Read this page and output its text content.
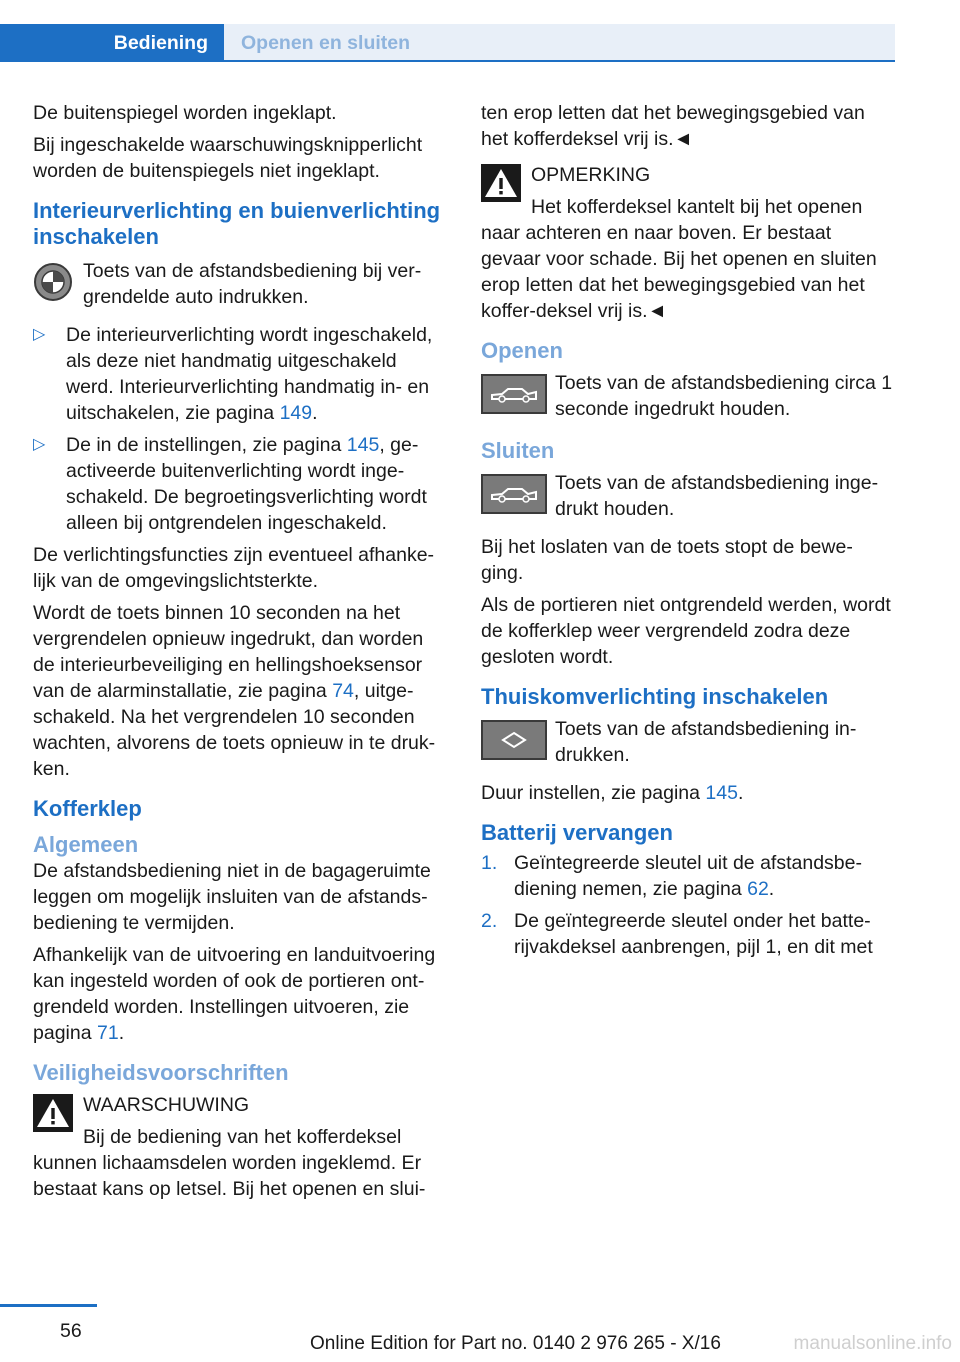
Bediening Openen en sluiten

De buitenspiegel worden ingeklapt.

Bij ingeschakelde waarschuwingsknipperlicht worden de buitenspiegels niet ingeklapt.

Interieurverlichting en buienverlichting inschakelen

Toets van de afstandsbediening bij ver-grendelde auto indrukken.

▷ De interieurverlichting wordt ingeschakeld, als deze niet handmatig uitgeschakeld werd. Interieurverlichting handmatig in- en uitschakelen, zie pagina 149.
▷ De in de instellingen, zie pagina 145, ge-activeerde buitenverlichting wordt inge-schakeld. De begroetingsverlichting wordt alleen bij ontgrendelen ingeschakeld.

De verlichtingsfuncties zijn eventueel afhanke-lijk van de omgevingslichtsterkte.

Wordt de toets binnen 10 seconden na het vergrendelen opnieuw ingedrukt, dan worden de interieurbeveiliging en hellingshoeksensor van de alarminstallatie, zie pagina 74, uitge-schakeld. Na het vergrendelen 10 seconden wachten, alvorens de toets opnieuw in te druk-ken.

Kofferklep
Algemeen

De afstandsbediening niet in de bagageruimte leggen om mogelijk insluiten van de afstands-bediening te vermijden.

Afhankelijk van de uitvoering en landuitvoering kan ingesteld worden of ook de portieren ont-grendeld worden. Instellingen uitvoeren, zie pagina 71.

Veiligheidsvoorschriften

WAARSCHUWING

Bij de bediening van het kofferdeksel kunnen lichaamsdelen worden ingeklemd. Er bestaat kans op letsel. Bij het openen en slui-

ten erop letten dat het bewegingsgebied van het kofferdeksel vrij is.◄

OPMERKING

Het kofferdeksel kantelt bij het openen naar achteren en naar boven. Er bestaat gevaar voor schade. Bij het openen en sluiten erop letten dat het bewegingsgebied van het koffer-deksel vrij is.◄

Openen

Toets van de afstandsbediening circa 1 seconde ingedrukt houden.

Sluiten

Toets van de afstandsbediening inge-drukt houden.

Bij het loslaten van de toets stopt de bewe-ging.

Als de portieren niet ontgrendeld werden, wordt de kofferklep weer vergrendeld zodra deze gesloten wordt.

Thuiskomverlichting inschakelen

Toets van de afstandsbediening in-drukken.

Duur instellen, zie pagina 145.

Batterij vervangen
1. Geïntegreerde sleutel uit de afstandsbe-diening nemen, zie pagina 62.
2. De geïntegreerde sleutel onder het batte-rijvakdeksel aanbrengen, pijl 1, en dit met
56
Online Edition for Part no. 0140 2 976 265 - X/16	manualsonline.info
